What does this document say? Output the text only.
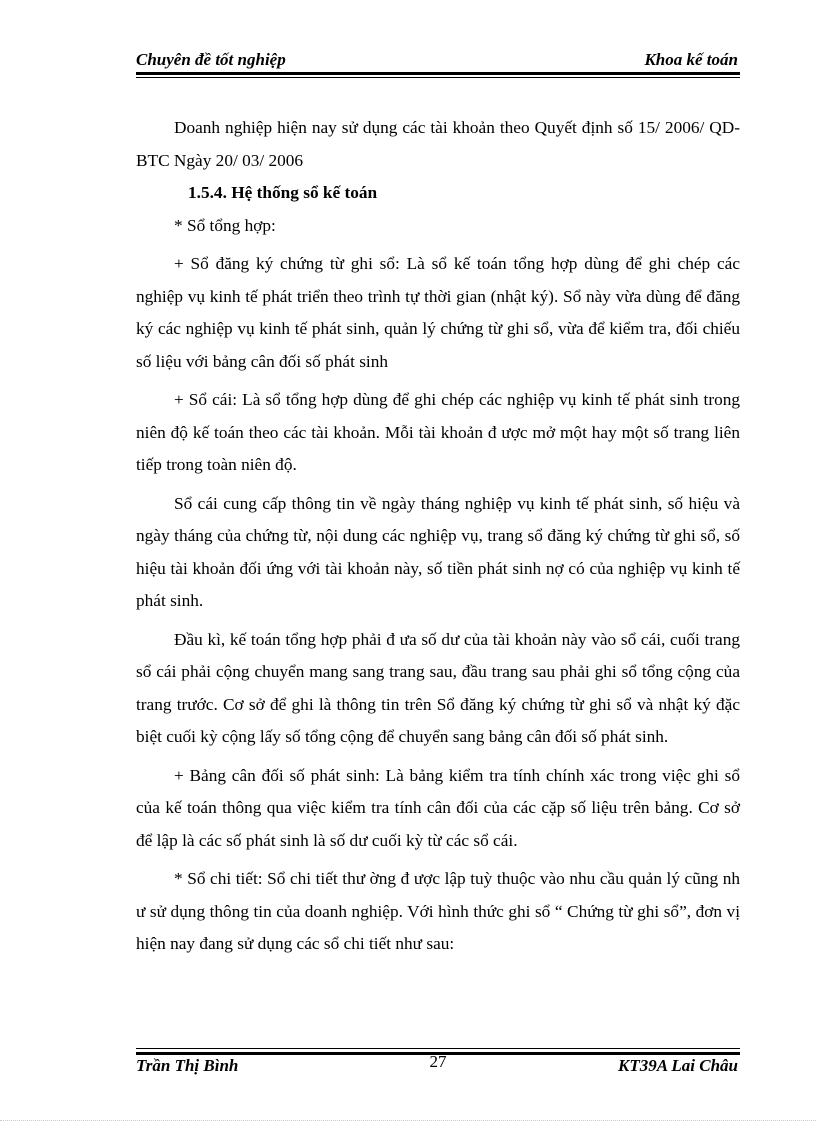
Chuyên đề tốt nghiệp	Khoa kế toán

Doanh nghiệp hiện nay sử dụng các tài khoản theo Quyết định số 15/ 2006/ QD-BTC Ngày 20/ 03/ 2006

1.5.4. Hệ thống sổ kế toán

* Sổ tổng hợp:

+ Sổ đăng ký chứng từ ghi sổ: Là sổ kế toán tổng hợp dùng để ghi chép các nghiệp vụ kinh tế phát triển theo trình tự thời gian (nhật ký). Sổ này vừa dùng để đăng ký các nghiệp vụ kinh tế phát sinh, quản lý chứng từ ghi sổ, vừa để kiểm tra, đối chiếu số liệu với bảng cân đối số phát sinh

+ Sổ cái: Là sổ tổng hợp dùng để ghi chép các nghiệp vụ kinh tế phát sinh trong niên độ kế toán theo các tài khoản. Mỗi tài khoản đ ược mở một hay một số trang liên tiếp trong toàn niên độ.

Sổ cái cung cấp thông tin về ngày tháng nghiệp vụ kinh tế phát sinh, số hiệu và ngày tháng của chứng từ, nội dung các nghiệp vụ, trang sổ đăng ký chứng từ ghi sổ, số hiệu tài khoản đối ứng với tài khoản này, số tiền phát sinh nợ có của nghiệp vụ kinh tế phát sinh.

Đầu kì, kế toán tổng hợp phải đ ưa số dư của tài khoản này vào sổ cái, cuối trang sổ cái phải cộng chuyển mang sang trang sau, đầu trang sau phải ghi sổ tổng cộng của trang trước. Cơ sở để ghi là thông tin trên Sổ đăng ký chứng từ ghi sổ và nhật ký đặc biệt cuối kỳ cộng lấy số tổng cộng để chuyển sang bảng cân đối số phát sinh.

+ Bảng cân đối số phát sinh: Là bảng kiểm tra tính chính xác trong việc ghi sổ của kế toán thông qua việc kiểm tra tính cân đối của các cặp số liệu trên bảng. Cơ sở để lập là các số phát sinh là số dư cuối kỳ từ các sổ cái.

* Sổ chi tiết: Sổ chi tiết thư ờng đ ược lập tuỳ thuộc vào nhu cầu quản lý cũng nh ư sử dụng thông tin của doanh nghiệp. Với hình thức ghi sổ “ Chứng từ ghi sổ”, đơn vị hiện nay đang sử dụng các sổ chi tiết như sau:

Trần Thị Bình	27	KT39A Lai Châu
